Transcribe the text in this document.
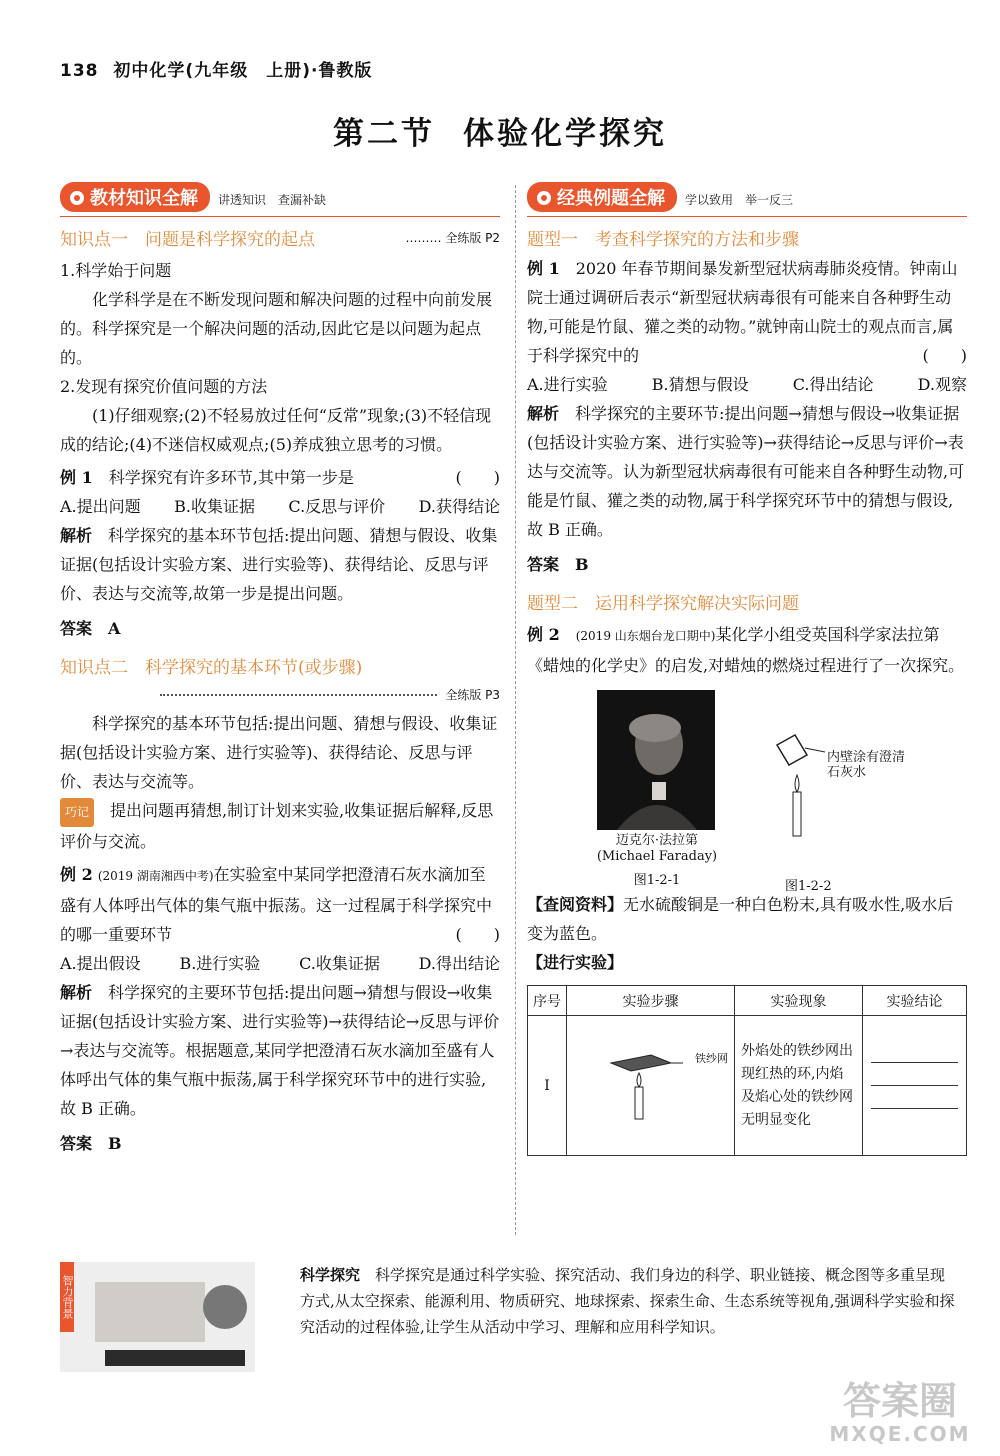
138 初中化学(九年级　上册)·鲁教版
第二节 体验化学探究
教材知识全解 讲透知识　查漏补缺
知识点一　问题是科学探究的起点	……… 全练版 P2

1.科学始于问题

化学科学是在不断发现问题和解决问题的过程中向前发展的。科学探究是一个解决问题的活动,因此它是以问题为起点的。

2.发现有探究价值问题的方法

(1)仔细观察;(2)不轻易放过任何“反常”现象;(3)不轻信现成的结论;(4)不迷信权威观点;(5)养成独立思考的习惯。

例 1　 科学探究有许多环节,其中第一步是	(　　)
A.提出问题 B.收集证据 C.反思与评价 D.获得结论

解析　 科学探究的基本环节包括:提出问题、猜想与假设、收集证据(包括设计实验方案、进行实验等)、获得结论、反思与评价、表达与交流等,故第一步是提出问题。

答案　 A

知识点二　科学探究的基本环节(或步骤)
全练版 P3

科学探究的基本环节包括:提出问题、猜想与假设、收集证据(包括设计实验方案、进行实验等)、获得结论、反思与评价、表达与交流等。

巧记　 提出问题再猜想,制订计划来实验,收集证据后解释,反思评价与交流。

例 2 (2019 湖南湘西中考)在实验室中某同学把澄清石灰水滴加至盛有人体呼出气体的集气瓶中振荡。这一过程属于科学探究中的哪一重要环节	(　　)
A.提出假设 B.进行实验 C.收集证据 D.得出结论

解析　 科学探究的主要环节包括:提出问题→猜想与假设→收集证据(包括设计实验方案、进行实验等)→获得结论→反思与评价→表达与交流等。根据题意,某同学把澄清石灰水滴加至盛有人体呼出气体的集气瓶中振荡,属于科学探究环节中的进行实验,故 B 正确。

答案　 B

经典例题全解 学以致用　举一反三

题型一　考查科学探究的方法和步骤

例 1　 2020 年春节期间暴发新型冠状病毒肺炎疫情。钟南山院士通过调研后表示“新型冠状病毒很有可能来自各种野生动物,可能是竹鼠、獾之类的动物。”就钟南山院士的观点而言,属于科学探究中的	(　　)

A.进行实验	B.猜想与假设	C.得出结论	D.观察

解析　 科学探究的主要环节:提出问题→猜想与假设→收集证据(包括设计实验方案、进行实验等)→获得结论→反思与评价→表达与交流等。认为新型冠状病毒很有可能来自各种野生动物,可能是竹鼠、獾之类的动物,属于科学探究环节中的猜想与假设,故 B 正确。

答案　 B

题型二　运用科学探究解决实际问题

例 2　 (2019 山东烟台龙口期中)某化学小组受英国科学家法拉第《蜡烛的化学史》的启发,对蜡烛的燃烧过程进行了一次探究。

迈克尔·法拉第
(Michael Faraday)
图1-2-1
内壁涂有澄清石灰水
图1-2-2

【查阅资料】无水硫酸铜是一种白色粉末,具有吸水性,吸水后变为蓝色。

【进行实验】

序号	实验步骤	实验现象	实验结论
Ⅰ	铁纱网	外焰处的铁纱网出现红热的环,内焰及焰心处的铁纱网无明显变化	
智力背景	科学探究　 科学探究是通过科学实验、探究活动、我们身边的科学、职业链接、概念图等多重呈现方式,从太空探索、能源利用、物质研究、地球探索、探索生命、生态系统等视角,强调科学实验和探究活动的过程体验,让学生从活动中学习、理解和应用科学知识。

答案圈
MXQE.COM
